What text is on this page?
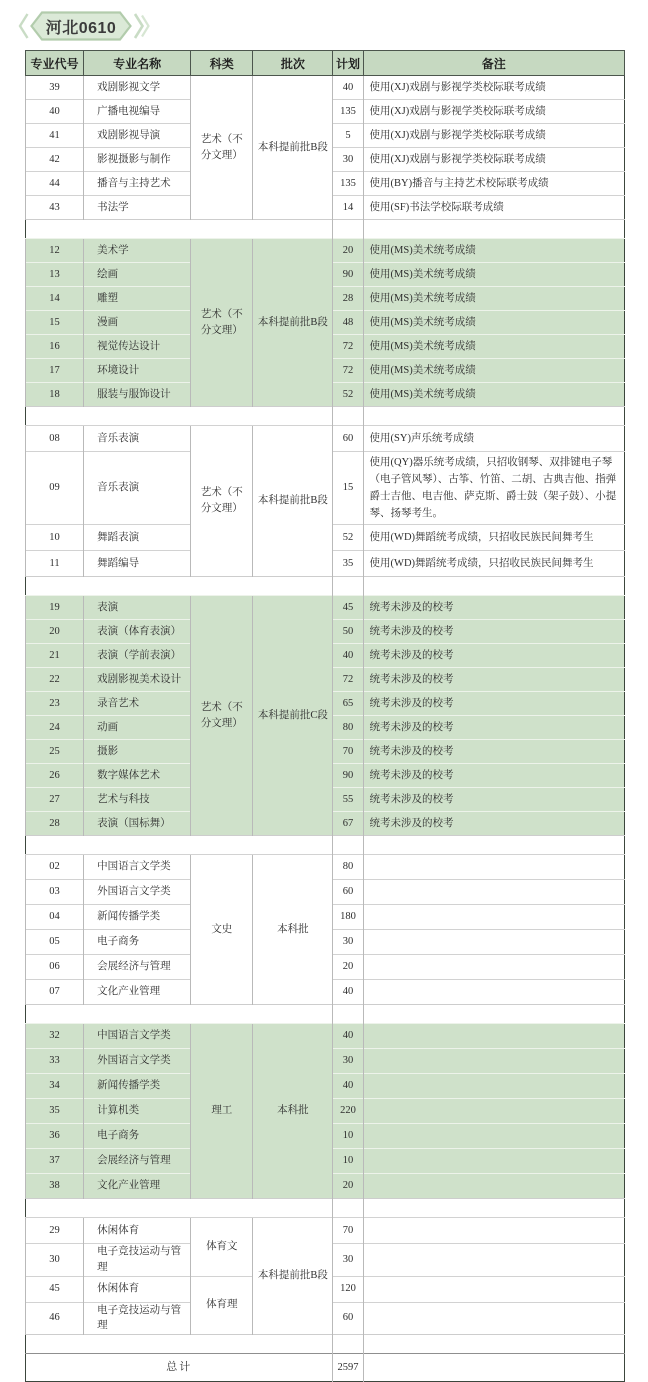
河北0610
专业代号	专业名称	科类	批次	计划	备注
39	戏剧影视文学	艺术（不分文理）	本科提前批B段	40	使用(XJ)戏剧与影视学类校际联考成绩
40	广播电视编导			135	使用(XJ)戏剧与影视学类校际联考成绩
41	戏剧影视导演			5	使用(XJ)戏剧与影视学类校际联考成绩
42	影视摄影与制作			30	使用(XJ)戏剧与影视学类校际联考成绩
44	播音与主持艺术			135	使用(BY)播音与主持艺术校际联考成绩
43	书法学			14	使用(SF)书法学校际联考成绩

12	美术学	艺术（不分文理）	本科提前批B段	20	使用(MS)美术统考成绩
13	绘画			90	使用(MS)美术统考成绩
14	雕塑			28	使用(MS)美术统考成绩
15	漫画			48	使用(MS)美术统考成绩
16	视觉传达设计			72	使用(MS)美术统考成绩
17	环境设计			72	使用(MS)美术统考成绩
18	服装与服饰设计			52	使用(MS)美术统考成绩

08	音乐表演	艺术（不分文理）	本科提前批B段	60	使用(SY)声乐统考成绩
09	音乐表演			15	使用(QY)器乐统考成绩，只招收钢琴、双排键电子琴（电子管风琴）、古筝、竹笛、二胡、古典吉他、指弹爵士吉他、电吉他、萨克斯、爵士鼓（架子鼓）、小提琴、扬琴考生。
10	舞蹈表演			52	使用(WD)舞蹈统考成绩，只招收民族民间舞考生
11	舞蹈编导			35	使用(WD)舞蹈统考成绩，只招收民族民间舞考生

19	表演	艺术（不分文理）	本科提前批C段	45	统考未涉及的校考
20	表演（体育表演）			50	统考未涉及的校考
21	表演（学前表演）			40	统考未涉及的校考
22	戏剧影视美术设计			72	统考未涉及的校考
23	录音艺术			65	统考未涉及的校考
24	动画			80	统考未涉及的校考
25	摄影			70	统考未涉及的校考
26	数字媒体艺术			90	统考未涉及的校考
27	艺术与科技			55	统考未涉及的校考
28	表演（国标舞）			67	统考未涉及的校考

02	中国语言文学类	文史	本科批	80	
03	外国语言文学类			60	
04	新闻传播学类			180	
05	电子商务			30	
06	会展经济与管理			20	
07	文化产业管理			40	

32	中国语言文学类	理工	本科批	40	
33	外国语言文学类			30	
34	新闻传播学类			40	
35	计算机类			220	
36	电子商务			10	
37	会展经济与管理			10	
38	文化产业管理			20	

29	休闲体育	体育文	本科提前批B段	70	
30	电子竞技运动与管理			30	
45	休闲体育	体育理		120	
46	电子竞技运动与管理			60	

总计				2597	
